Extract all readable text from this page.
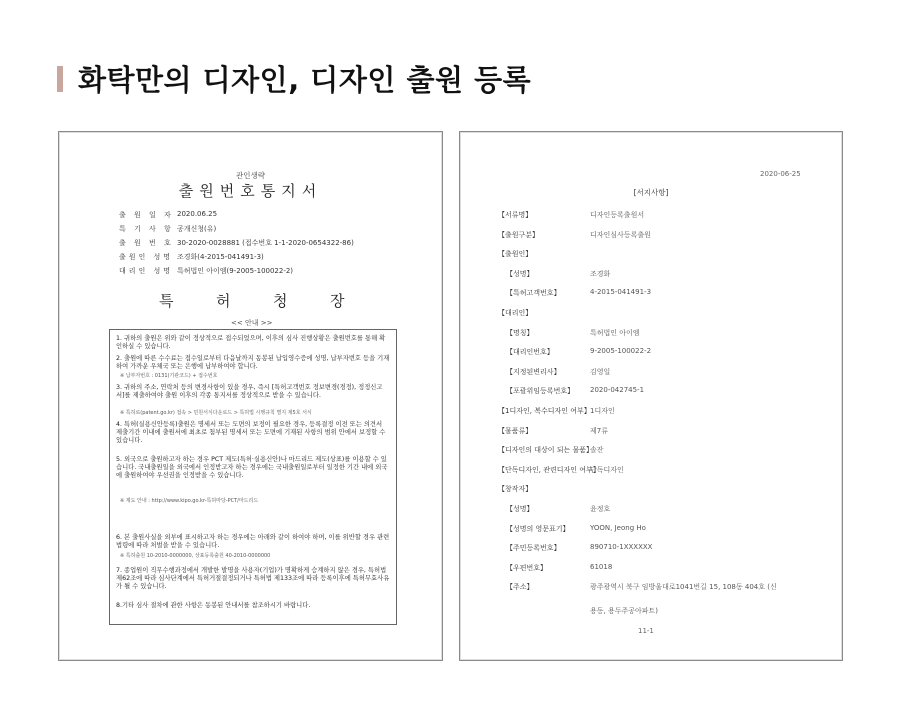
화탁만의 디자인, 디자인 출원 등록
관인생략
출원번호통지서
출 원 일 자 2020.06.25
특 기 사 항 공개신청(유)
출 원 번 호 30-2020-0028881 (접수번호 1-1-2020-0654322-86)
출원인 성명 조경화(4-2015-041491-3)
대리인 성명 특허법인 아이엠(9-2005-100022-2)
특	허	청	장
<< 안내 >>
1. 귀하의 출원은 위와 같이 정상적으로 접수되었으며, 이후의 심사 진행상황은 출원번호를 통해 확인하실 수 있습니다.
2. 출원에 따른 수수료는 접수일로부터 다음날까지 동봉된 납입영수증에 성명, 납부자번호 등을 기재하여 가까운 우체국 또는 은행에 납부하여야 합니다.
※ 납부자번호 : 0131(기관코드) + 접수번호
3. 귀하의 주소, 연락처 등의 변경사항이 있을 경우, 즉시 [특허고객번호 정보변경(경정), 정정신고서]를 제출하여야 출원 이후의 각종 통지서를 정상적으로 받을 수 있습니다.
※ 특허로(patent.go.kr) 접속 > 민원서식다운로드 > 특허법 시행규칙 별지 제5호 서식
4. 특허(실용신안등록)출원은 명세서 또는 도면의 보정이 필요한 경우, 등록결정 이전 또는 의견서 제출기간 이내에 출원서에 최초로 첨부된 명세서 또는 도면에 기재된 사항의 범위 안에서 보정할 수 있습니다.
5. 외국으로 출원하고자 하는 경우 PCT 제도(특허·실용신안)나 마드리드 제도(상표)를 이용할 수 있습니다. 국내출원일을 외국에서 인정받고자 하는 경우에는 국내출원일로부터 일정한 기간 내에 외국에 출원하여야 우선권을 인정받을 수 있습니다.
※ 제도 안내 : http://www.kipo.go.kr-특허마당-PCT/마드리드
6. 본 출원사실을 외부에 표시하고자 하는 경우에는 아래와 같이 하여야 하며, 이를 위반할 경우 관련법령에 따라 처벌을 받을 수 있습니다.
※ 특허출원 10-2010-0000000, 상표등록출원 40-2010-0000000
7. 종업원이 직무수행과정에서 개발한 발명을 사용자(기업)가 명확하게 승계하지 않은 경우, 특허법 제62조에 따라 심사단계에서 특허거절결정되거나 특허법 제133조에 따라 등록이후에 특허무효사유가 될 수 있습니다.
8.기타 심사 절차에 관한 사항은 동봉된 안내서를 참조하시기 바랍니다.
2020-06-25
[서지사항]
용동, 용두주공아파트)
11-1
【서류명】	디자인등록출원서
【출원구분】	디자인심사등록출원
【출원인】
【성명】	조경화
【특허고객번호】	4-2015-041491-3
【대리인】
【명칭】	특허법인 아이엠
【대리인번호】	9-2005-100022-2
【지정된변리사】	김영일
【포괄위임등록번호】 2020-042745-1
【1디자인, 복수디자인 여부】 1디자인
【물품류】	제7류
【디자인의 대상이 되는 물품】
솔잔
【단독디자인, 관련디자인 여부】
단독디자인
【창작자】
【성명】	윤정호
【성명의 영문표기】	YOON, Jeong Ho
【주민등록번호】	890710-1XXXXXX
【우편번호】	61018
【주소】	광주광역시 북구 임방울대로1041번길 15, 108동 404호 (신
